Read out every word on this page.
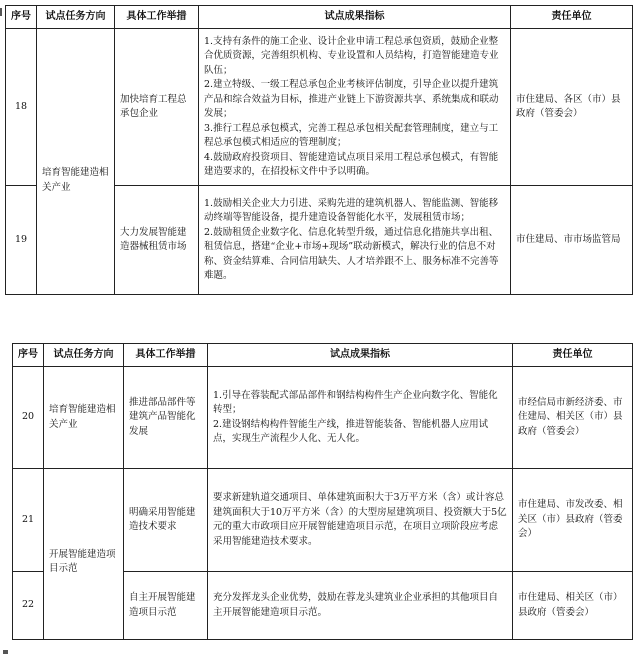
序号	试点任务方向	具体工作举措	试点成果指标	责任单位
18	培育智能建造相关产业	加快培育工程总承包企业	1.支持有条件的施工企业、设计企业申请工程总承包资质，鼓励企业整合优质资源，完善组织机构、专业设置和人员结构，打造智能建造专业队伍；
2.建立特级、一级工程总承包企业考核评估制度，引导企业以提升建筑产品和综合效益为目标，推进产业链上下游资源共享、系统集成和联动发展；
3.推行工程总承包模式，完善工程总承包相关配套管理制度，建立与工程总承包模式相适应的管理制度；
4.鼓励政府投资项目、智能建造试点项目采用工程总承包模式，有智能建造要求的，在招投标文件中予以明确。	市住建局、各区（市）县政府（管委会）
19		大力发展智能建造器械租赁市场	1.鼓励相关企业大力引进、采购先进的建筑机器人、智能监测、智能移动终端等智能设备，提升建造设备智能化水平，发展租赁市场；
2.鼓励租赁企业数字化、信息化转型升级，通过信息化措施共享出租、租赁信息，搭建“企业+市场+现场”联动新模式，解决行业的信息不对称、资金结算难、合同信用缺失、人才培养跟不上、服务标准不完善等难题。	市住建局、市市场监管局
序号	试点任务方向	具体工作举措	试点成果指标	责任单位
20	培育智能建造相关产业	推进部品部件等建筑产品智能化发展	1.引导在蓉装配式部品部件和钢结构构件生产企业向数字化、智能化转型；
2.建设钢结构构件智能生产线，推进智能装备、智能机器人应用试点，实现生产流程少人化、无人化。	市经信局市新经济委、市住建局、相关区（市）县政府（管委会）
21	开展智能建造项目示范	明确采用智能建造技术要求	要求新建轨道交通项目、单体建筑面积大于3万平方米（含）或计容总建筑面积大于10万平方米（含）的大型房屋建筑项目、投资额大于5亿元的重大市政项目应开展智能建造项目示范，在项目立项阶段应考虑采用智能建造技术要求。	市住建局、市发改委、相关区（市）县政府（管委会）
22		自主开展智能建造项目示范	充分发挥龙头企业优势，鼓励在蓉龙头建筑业企业承担的其他项目自主开展智能建造项目示范。	市住建局、相关区（市）县政府（管委会）
